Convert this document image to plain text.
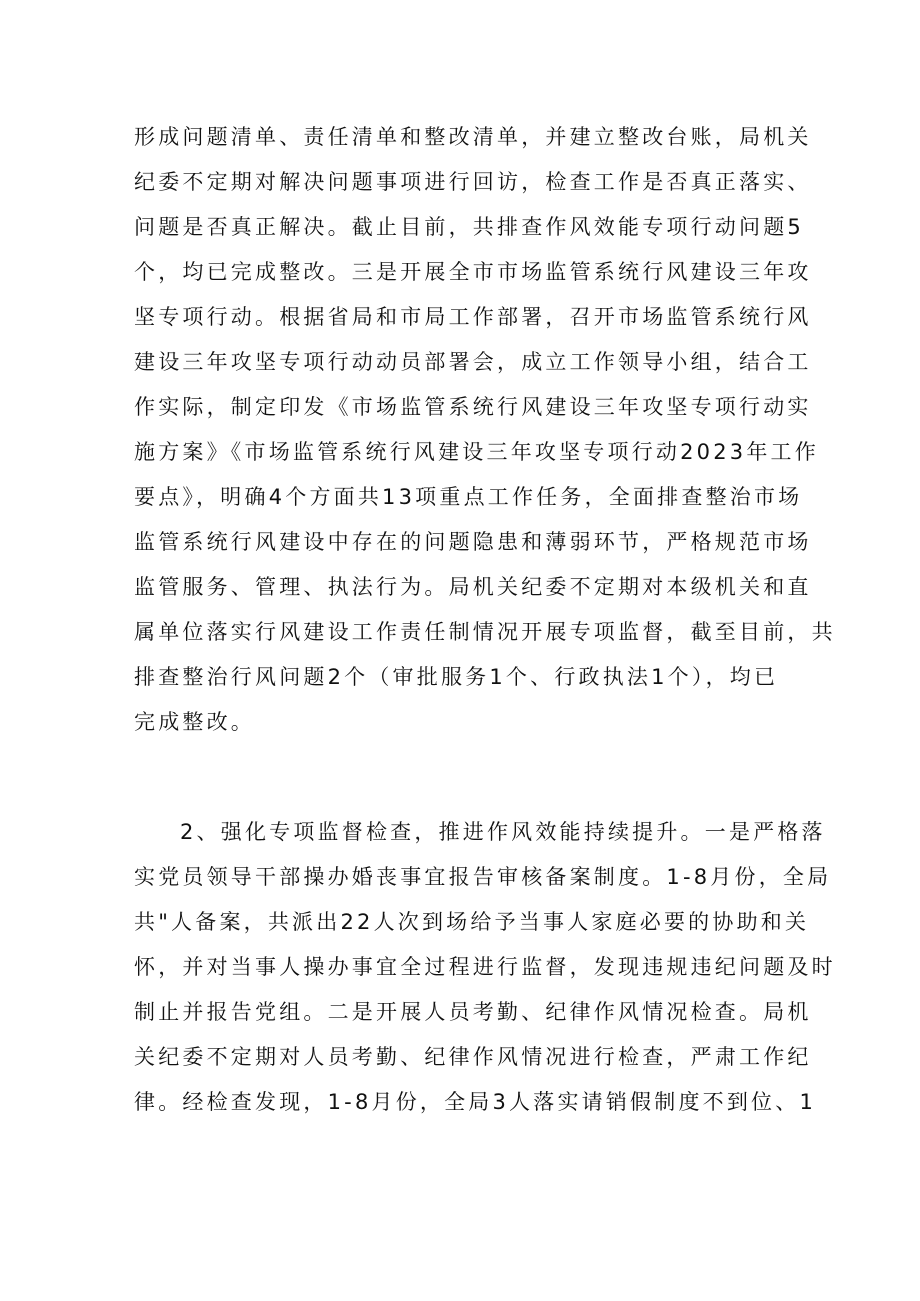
形成问题清单、责任清单和整改清单，并建立整改台账，局机关
纪委不定期对解决问题事项进行回访，检查工作是否真正落实、
问题是否真正解决。截止目前，共排查作风效能专项行动问题5
个，均已完成整改。三是开展全市市场监管系统行风建设三年攻
坚专项行动。根据省局和市局工作部署，召开市场监管系统行风
建设三年攻坚专项行动动员部署会，成立工作领导小组，结合工
作实际，制定印发《市场监管系统行风建设三年攻坚专项行动实
施方案》《市场监管系统行风建设三年攻坚专项行动2023年工作
要点》，明确4个方面共13项重点工作任务，全面排查整治市场
监管系统行风建设中存在的问题隐患和薄弱环节，严格规范市场
监管服务、管理、执法行为。局机关纪委不定期对本级机关和直
属单位落实行风建设工作责任制情况开展专项监督，截至目前，共
排查整治行风问题2个（审批服务1个、行政执法1个），均已
完成整改。
2、强化专项监督检查，推进作风效能持续提升。一是严格落
实党员领导干部操办婚丧事宜报告审核备案制度。1-8月份，全局
共"人备案，共派出22人次到场给予当事人家庭必要的协助和关
怀，并对当事人操办事宜全过程进行监督，发现违规违纪问题及时
制止并报告党组。二是开展人员考勤、纪律作风情况检查。局机
关纪委不定期对人员考勤、纪律作风情况进行检查，严肃工作纪
律。经检查发现，1-8月份，全局3人落实请销假制度不到位、1
